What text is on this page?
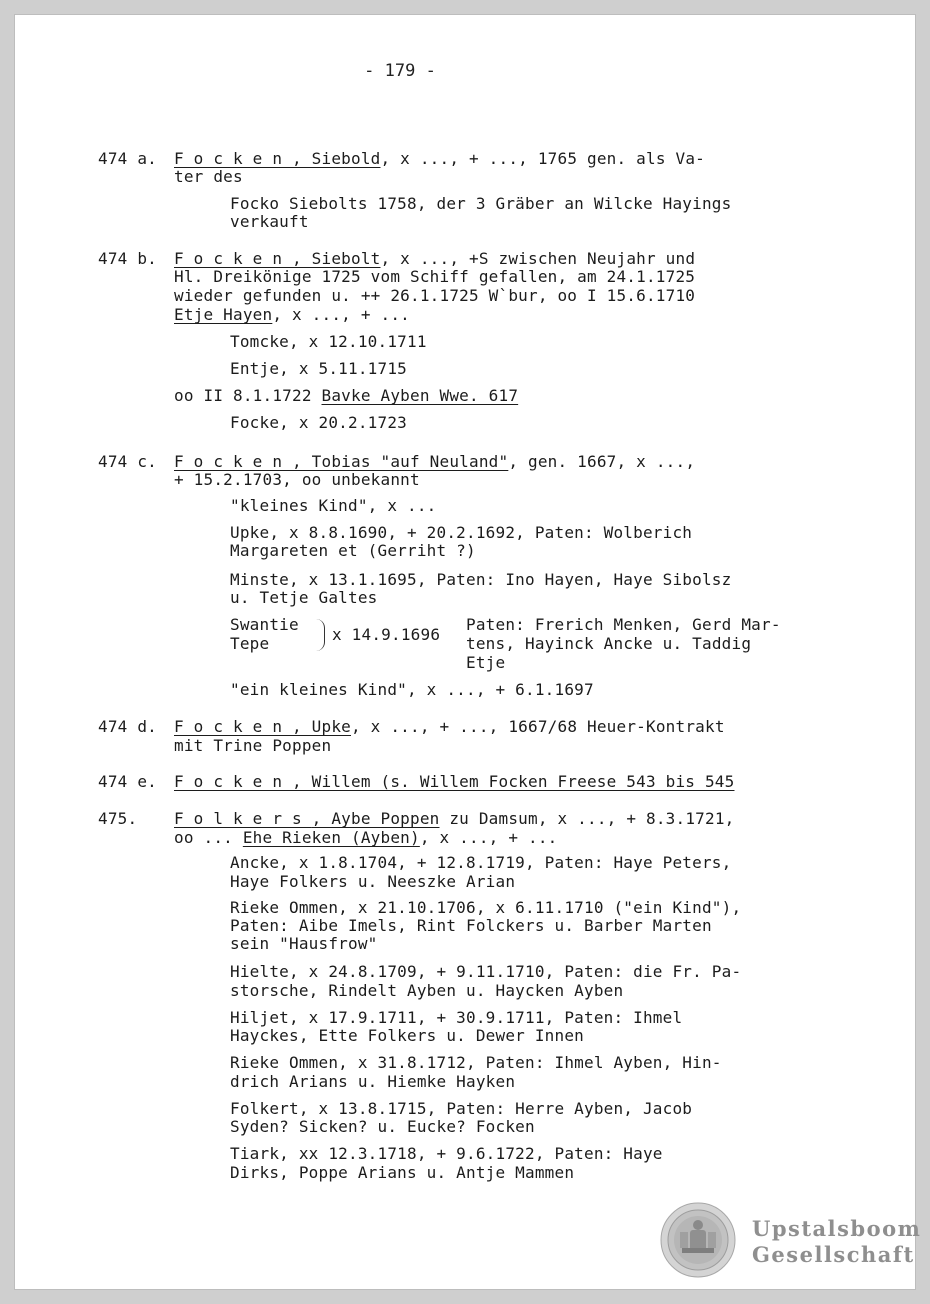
- 179 -
474 a. F o c k e n , Siebold, x ..., + ..., 1765 gen. als Va-
ter des
Focko Siebolts 1758, der 3 Gräber an Wilcke Hayings
verkauft
474 b. F o c k e n , Siebolt, x ..., +S zwischen Neujahr und
Hl. Dreikönige 1725 vom Schiff gefallen, am 24.1.1725
wieder gefunden u. ++ 26.1.1725 W`bur, oo I 15.6.1710
Etje Hayen, x ..., + ...
Tomcke, x 12.10.1711
Entje, x 5.11.1715
oo II 8.1.1722 Bavke Ayben Wwe. 617
Focke, x 20.2.1723
474 c. F o c k e n , Tobias "auf Neuland", gen. 1667, x ...,
+ 15.2.1703, oo unbekannt
"kleines Kind", x ...
Upke, x 8.8.1690, + 20.2.1692, Paten: Wolberich
Margareten et (Gerriht ?)
Minste, x 13.1.1695, Paten: Ino Hayen, Haye Sibolsz
u. Tetje Galtes
Swantie
Tepe	x 14.9.1696
Paten: Frerich Menken, Gerd Mar-
tens, Hayinck Ancke u. Taddig
Etje
"ein kleines Kind", x ..., + 6.1.1697
474 d. F o c k e n , Upke, x ..., + ..., 1667/68 Heuer-Kontrakt
mit Trine Poppen
474 e. F o c k e n , Willem (s. Willem Focken Freese 543 bis 545
475. F o l k e r s , Aybe Poppen zu Damsum, x ..., + 8.3.1721,
oo ... Ehe Rieken (Ayben), x ..., + ...
Ancke, x 1.8.1704, + 12.8.1719, Paten: Haye Peters,
Haye Folkers u. Neeszke Arian
Rieke Ommen, x 21.10.1706, x 6.11.1710 ("ein Kind"),
Paten: Aibe Imels, Rint Folckers u. Barber Marten
sein "Hausfrow"
Hielte, x 24.8.1709, + 9.11.1710, Paten: die Fr. Pa-
storsche, Rindelt Ayben u. Haycken Ayben
Hiljet, x 17.9.1711, + 30.9.1711, Paten: Ihmel
Hayckes, Ette Folkers u. Dewer Innen
Rieke Ommen, x 31.8.1712, Paten: Ihmel Ayben, Hin-
drich Arians u. Hiemke Hayken
Folkert, x 13.8.1715, Paten: Herre Ayben, Jacob
Syden? Sicken? u. Eucke? Focken
Tiark, xx 12.3.1718, + 9.6.1722, Paten: Haye
Dirks, Poppe Arians u. Antje Mammen
Upstalsboom
Gesellschaft
